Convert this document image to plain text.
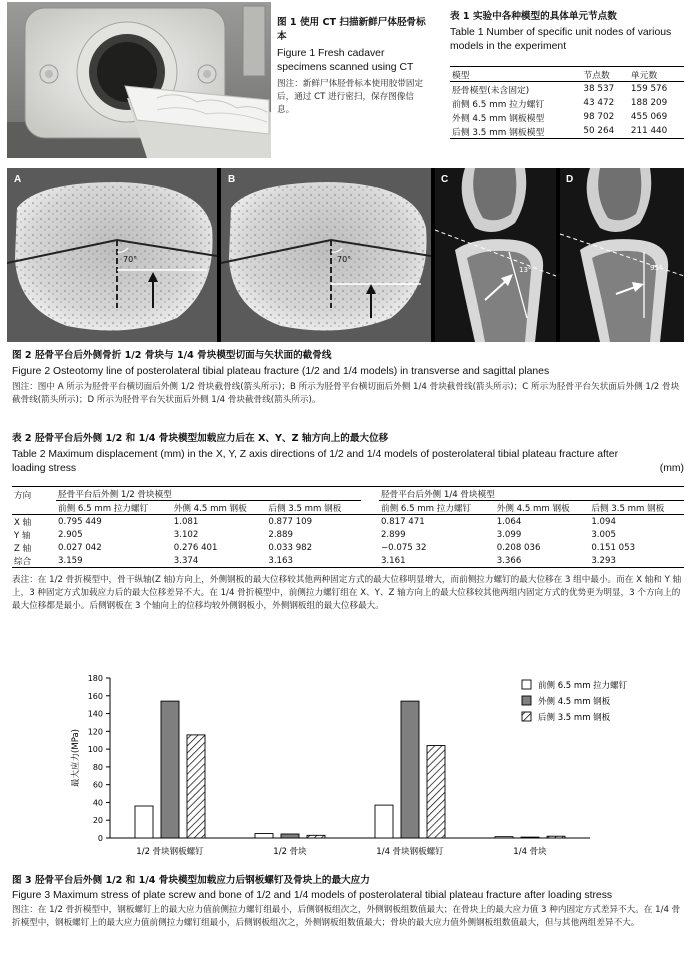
图 1 使用 CT 扫描新鲜尸体胫骨标本
Figure 1 Fresh cadaver specimens scanned using CT
图注：新鲜尸体胫骨标本使用胶带固定后，通过 CT 进行密扫，保存图像信息。
表 1 实验中各种模型的具体单元节点数
Table 1 Number of specific unit nodes of various models in the experiment
模型	节点数	单元数
胫骨模型(未含固定)	38 537	159 576
前侧 6.5 mm 拉力螺钉	43 472	188 209
外侧 4.5 mm 钢板模型	98 702	455 069
后侧 3.5 mm 钢板模型	50 264	211 440
A
70°
B
70°
C
13°
D
95°
图 2 胫骨平台后外侧骨折 1/2 骨块与 1/4 骨块模型切面与矢状面的截骨线
Figure 2 Osteotomy line of posterolateral tibial plateau fracture (1/2 and 1/4 models) in transverse and sagittal planes
图注：图中 A 所示为胫骨平台横切面后外侧 1/2 骨块截骨线(箭头所示)；B 所示为胫骨平台横切面后外侧 1/4 骨块截骨线(箭头所示)；C 所示为胫骨平台矢状面后外侧 1/2 骨块截骨线(箭头所示)；D 所示为胫骨平台矢状面后外侧 1/4 骨块截骨线(箭头所示)。
表 2 胫骨平台后外侧 1/2 和 1/4 骨块模型加载应力后在 X、Y、Z 轴方向上的最大位移
Table 2 Maximum displacement (mm) in the X, Y, Z axis directions of 1/2 and 1/4 models of posterolateral tibial plateau fracture after loading stress	(mm)
方向	胫骨平台后外侧 1/2 骨块模型				胫骨平台后外侧 1/4 骨块模型		
	前侧 6.5 mm 拉力螺钉	外侧 4.5 mm 钢板	后侧 3.5 mm 钢板		前侧 6.5 mm 拉力螺钉	外侧 4.5 mm 钢板	后侧 3.5 mm 钢板
X 轴	0.795 449	1.081	0.877 109		0.817 471	1.064	1.094
Y 轴	2.905	3.102	2.889		2.899	3.099	3.005
Z 轴	0.027 042	0.276 401	0.033 982		−0.075 32	0.208 036	0.151 053
综合	3.159	3.374	3.163		3.161	3.366	3.293
表注：在 1/2 骨折模型中，骨干纵轴(Z 轴)方向上，外侧钢板的最大位移较其他两种固定方式的最大位移明显增大，而前侧拉力螺钉的最大位移在 3 组中最小。而在 X 轴和 Y 轴上，3 种固定方式加载应力后的最大位移差异不大。在 1/4 骨折模型中，前侧拉力螺钉组在 X、Y、Z 轴方向上的最大位移较其他两组内固定方式的优势更为明显，3 个方向上的最大位移都是最小。后侧钢板在 3 个轴向上的位移均较外侧钢板小，外侧钢板组的最大位移最大。
0
20
40
60
80
100
120
140
160
180
最大应力(MPa)
1/2 骨块钢板螺钉	1/2 骨块	1/4 骨块钢板螺钉	1/4 骨块
前侧 6.5 mm 拉力螺钉
外侧 4.5 mm 钢板
后侧 3.5 mm 钢板
图 3 胫骨平台后外侧 1/2 和 1/4 骨块模型加载应力后钢板螺钉及骨块上的最大应力
Figure 3 Maximum stress of plate screw and bone of 1/2 and 1/4 models of posterolateral tibial plateau fracture after loading stress
图注：在 1/2 骨折模型中，钢板螺钉上的最大应力值前侧拉力螺钉组最小，后侧钢板组次之，外侧钢板组数值最大；在骨块上的最大应力值 3 种内固定方式差异不大。在 1/4 骨折模型中，钢板螺钉上的最大应力值前侧拉力螺钉组最小，后侧钢板组次之，外侧钢板组数值最大；骨块的最大应力值外侧钢板组数值最大，但与其他两组差异不大。
